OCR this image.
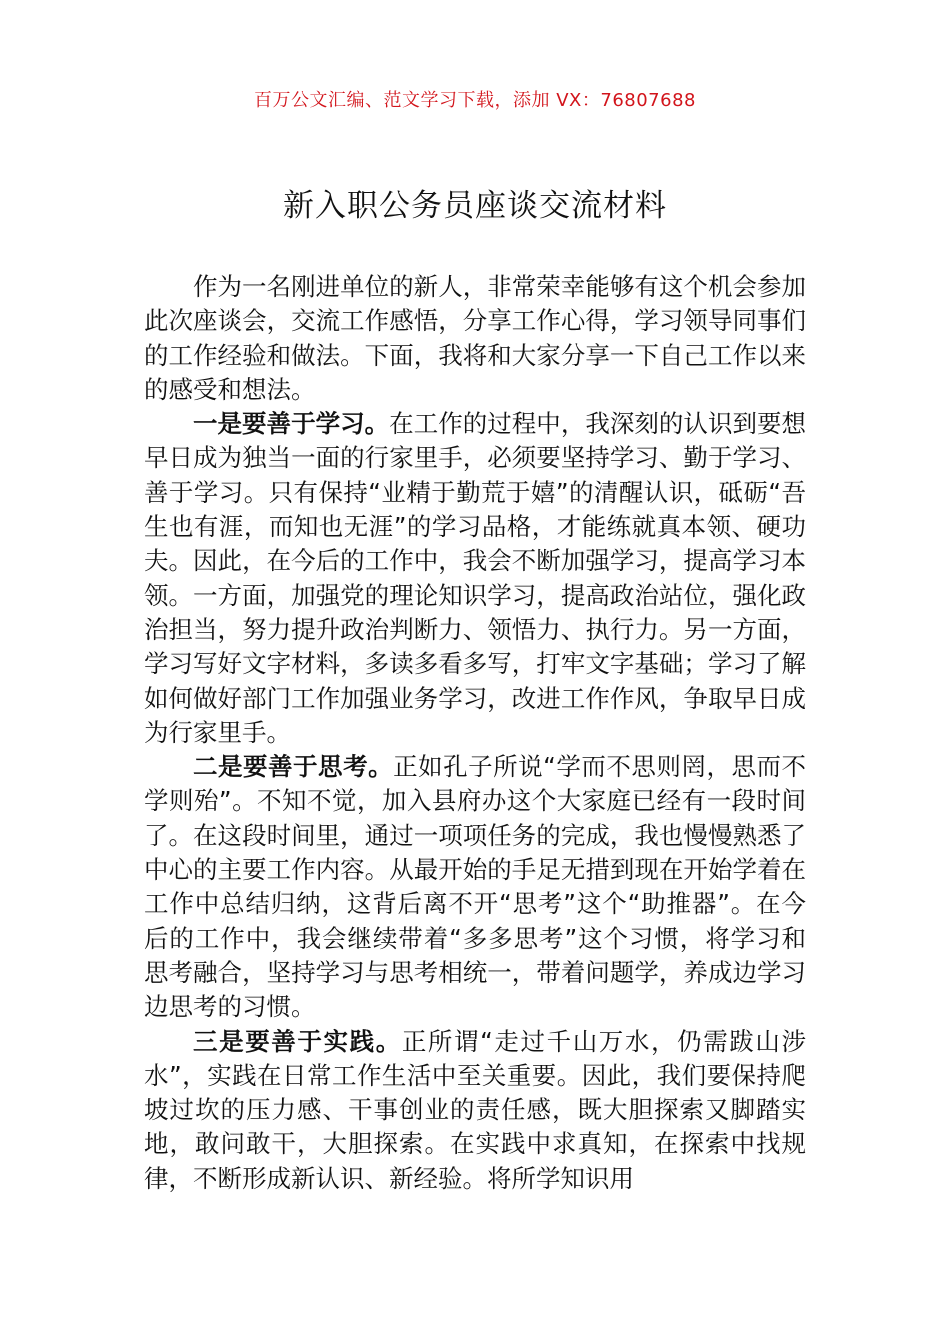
百万公文汇编、范文学习下载，添加 VX：76807688
新入职公务员座谈交流材料

作为一名刚进单位的新人，非常荣幸能够有这个机会参加此次座谈会，交流工作感悟，分享工作心得，学习领导同事们的工作经验和做法。下面，我将和大家分享一下自己工作以来的感受和想法。

一是要善于学习。在工作的过程中，我深刻的认识到要想早日成为独当一面的行家里手，必须要坚持学习、勤于学习、善于学习。只有保持“业精于勤荒于嬉”的清醒认识，砥砺“吾生也有涯，而知也无涯”的学习品格，才能练就真本领、硬功夫。因此，在今后的工作中，我会不断加强学习，提高学习本领。一方面，加强党的理论知识学习，提高政治站位，强化政治担当，努力提升政治判断力、领悟力、执行力。另一方面，学习写好文字材料，多读多看多写，打牢文字基础；学习了解如何做好部门工作加强业务学习，改进工作作风，争取早日成为行家里手。

二是要善于思考。正如孔子所说“学而不思则罔，思而不学则殆”。不知不觉，加入县府办这个大家庭已经有一段时间了。在这段时间里，通过一项项任务的完成，我也慢慢熟悉了中心的主要工作内容。从最开始的手足无措到现在开始学着在工作中总结归纳，这背后离不开“思考”这个“助推器”。在今后的工作中，我会继续带着“多多思考”这个习惯，将学习和思考融合，坚持学习与思考相统一，带着问题学，养成边学习边思考的习惯。

三是要善于实践。正所谓“走过千山万水，仍需跋山涉水”，实践在日常工作生活中至关重要。因此，我们要保持爬坡过坎的压力感、干事创业的责任感，既大胆探索又脚踏实地，敢问敢干，大胆探索。在实践中求真知，在探索中找规律，不断形成新认识、新经验。将所学知识用
